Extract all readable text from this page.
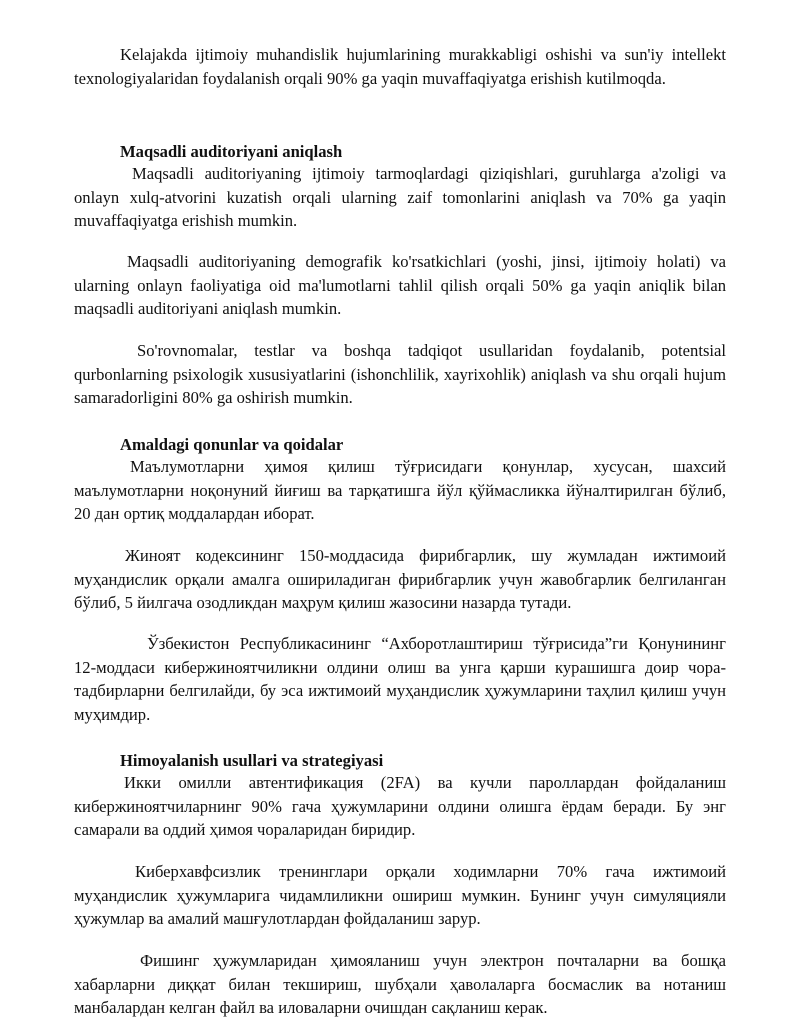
Kelajakda ijtimoiy muhandislik hujumlarining murakkabligi oshishi va sun'iy intellekt texnologiyalaridan foydalanish orqali 90% ga yaqin muvaffaqiyatga erishish kutilmoqda.

Maqsadli auditoriyani aniqlash

Maqsadli auditoriyaning ijtimoiy tarmoqlardagi qiziqishlari, guruhlarga a'zoligi va onlayn xulq-atvorini kuzatish orqali ularning zaif tomonlarini aniqlash va 70% ga yaqin muvaffaqiyatga erishish mumkin.

Maqsadli auditoriyaning demografik ko'rsatkichlari (yoshi, jinsi, ijtimoiy holati) va ularning onlayn faoliyatiga oid ma'lumotlarni tahlil qilish orqali 50% ga yaqin aniqlik bilan maqsadli auditoriyani aniqlash mumkin.

So'rovnomalar, testlar va boshqa tadqiqot usullaridan foydalanib, potentsial qurbonlarning psixologik xususiyatlarini (ishonchlilik, xayrixohlik) aniqlash va shu orqali hujum samaradorligini 80% ga oshirish mumkin.

Amaldagi qonunlar va qoidalar

Маълумотларни ҳимоя қилиш тўғрисидаги қонунлар, хусусан, шахсий маълумотларни ноқонуний йиғиш ва тарқатишга йўл қўймасликка йўналтирилган бўлиб, 20 дан ортиқ моддалардан иборат.

Жиноят кодексининг 150-моддасида фирибгарлик, шу жумладан ижтимоий муҳандислик орқали амалга ошириладиган фирибгарлик учун жавобгарлик белгиланган бўлиб, 5 йилгача озодликдан маҳрум қилиш жазосини назарда тутади.

Ўзбекистон Республикасининг “Ахборотлаштириш тўғрисида”ги Қонунининг 12-моддаси кибержиноятчиликни олдини олиш ва унга қарши курашишга доир чора-тадбирларни белгилайди, бу эса ижтимоий муҳандислик ҳужумларини таҳлил қилиш учун муҳимдир.

Himoyalanish usullari va strategiyasi

Икки омилли автентификация (2FA) ва кучли пароллардан фойдаланиш кибержиноятчиларнинг 90% гача ҳужумларини олдини олишга ёрдам беради. Бу энг самарали ва оддий ҳимоя чораларидан биридир.

Киберхавфсизлик тренинглари орқали ходимларни 70% гача ижтимоий муҳандислик ҳужумларига чидамлиликни ошириш мумкин. Бунинг учун симуляцияли ҳужумлар ва амалий машғулотлардан фойдаланиш зарур.

Фишинг ҳужумларидан ҳимояланиш учун электрон почталарни ва бошқа хабарларни диққат билан текшириш, шубҳали ҳаволаларга босмаслик ва нотаниш манбалардан келган файл ва иловаларни очишдан сақланиш керак.
